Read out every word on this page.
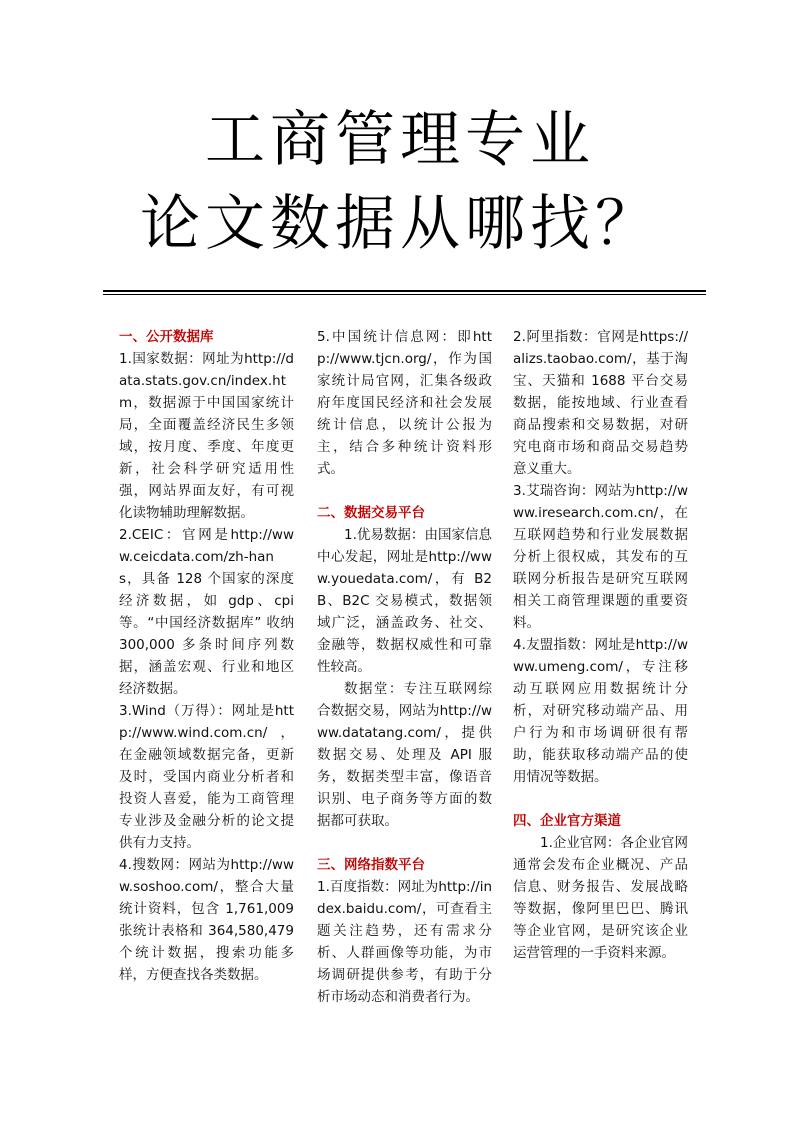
工商管理专业
论文数据从哪找？

一、公开数据库

1.国家数据：网址为http://data.stats.gov.cn/index.htm，数据源于中国国家统计局，全面覆盖经济民生多领域，按月度、季度、年度更新，社会科学研究适用性强，网站界面友好，有可视化读物辅助理解数据。

2.CEIC：官网是http://www.ceicdata.com/zh-hans，具备 128 个国家的深度经济数据，如 gdp、cpi 等。“中国经济数据库” 收纳 300,000 多条时间序列数据，涵盖宏观、行业和地区经济数据。

3.Wind（万得）：网址是http://www.wind.com.cn/，在金融领域数据完备，更新及时，受国内商业分析者和投资人喜爱，能为工商管理专业涉及金融分析的论文提供有力支持。

4.搜数网：网站为http://www.soshoo.com/，整合大量统计资料，包含 1,761,009 张统计表格和 364,580,479 个统计数据，搜索功能多样，方便查找各类数据。

5.中国统计信息网：即http://www.tjcn.org/，作为国家统计局官网，汇集各级政府年度国民经济和社会发展统计信息，以统计公报为主，结合多种统计资料形式。

二、数据交易平台

1.优易数据：由国家信息中心发起，网址是http://www.youedata.com/，有 B2B、B2C 交易模式，数据领域广泛，涵盖政务、社交、金融等，数据权威性和可靠性较高。

数据堂：专注互联网综合数据交易，网站为http://www.datatang.com/，提供数据交易、处理及 API 服务，数据类型丰富，像语音识别、电子商务等方面的数据都可获取。

三、网络指数平台

1.百度指数：网址为http://index.baidu.com/，可查看主题关注趋势，还有需求分析、人群画像等功能，为市场调研提供参考，有助于分析市场动态和消费者行为。

2.阿里指数：官网是https://alizs.taobao.com/，基于淘宝、天猫和 1688 平台交易数据，能按地域、行业查看商品搜索和交易数据，对研究电商市场和商品交易趋势意义重大。

3.艾瑞咨询：网站为http://www.iresearch.com.cn/，在互联网趋势和行业发展数据分析上很权威，其发布的互联网分析报告是研究互联网相关工商管理课题的重要资料。

4.友盟指数：网址是http://www.umeng.com/，专注移动互联网应用数据统计分析，对研究移动端产品、用户行为和市场调研很有帮助，能获取移动端产品的使用情况等数据。

四、企业官方渠道

1.企业官网：各企业官网通常会发布企业概况、产品信息、财务报告、发展战略等数据，像阿里巴巴、腾讯等企业官网，是研究该企业运营管理的一手资料来源。
